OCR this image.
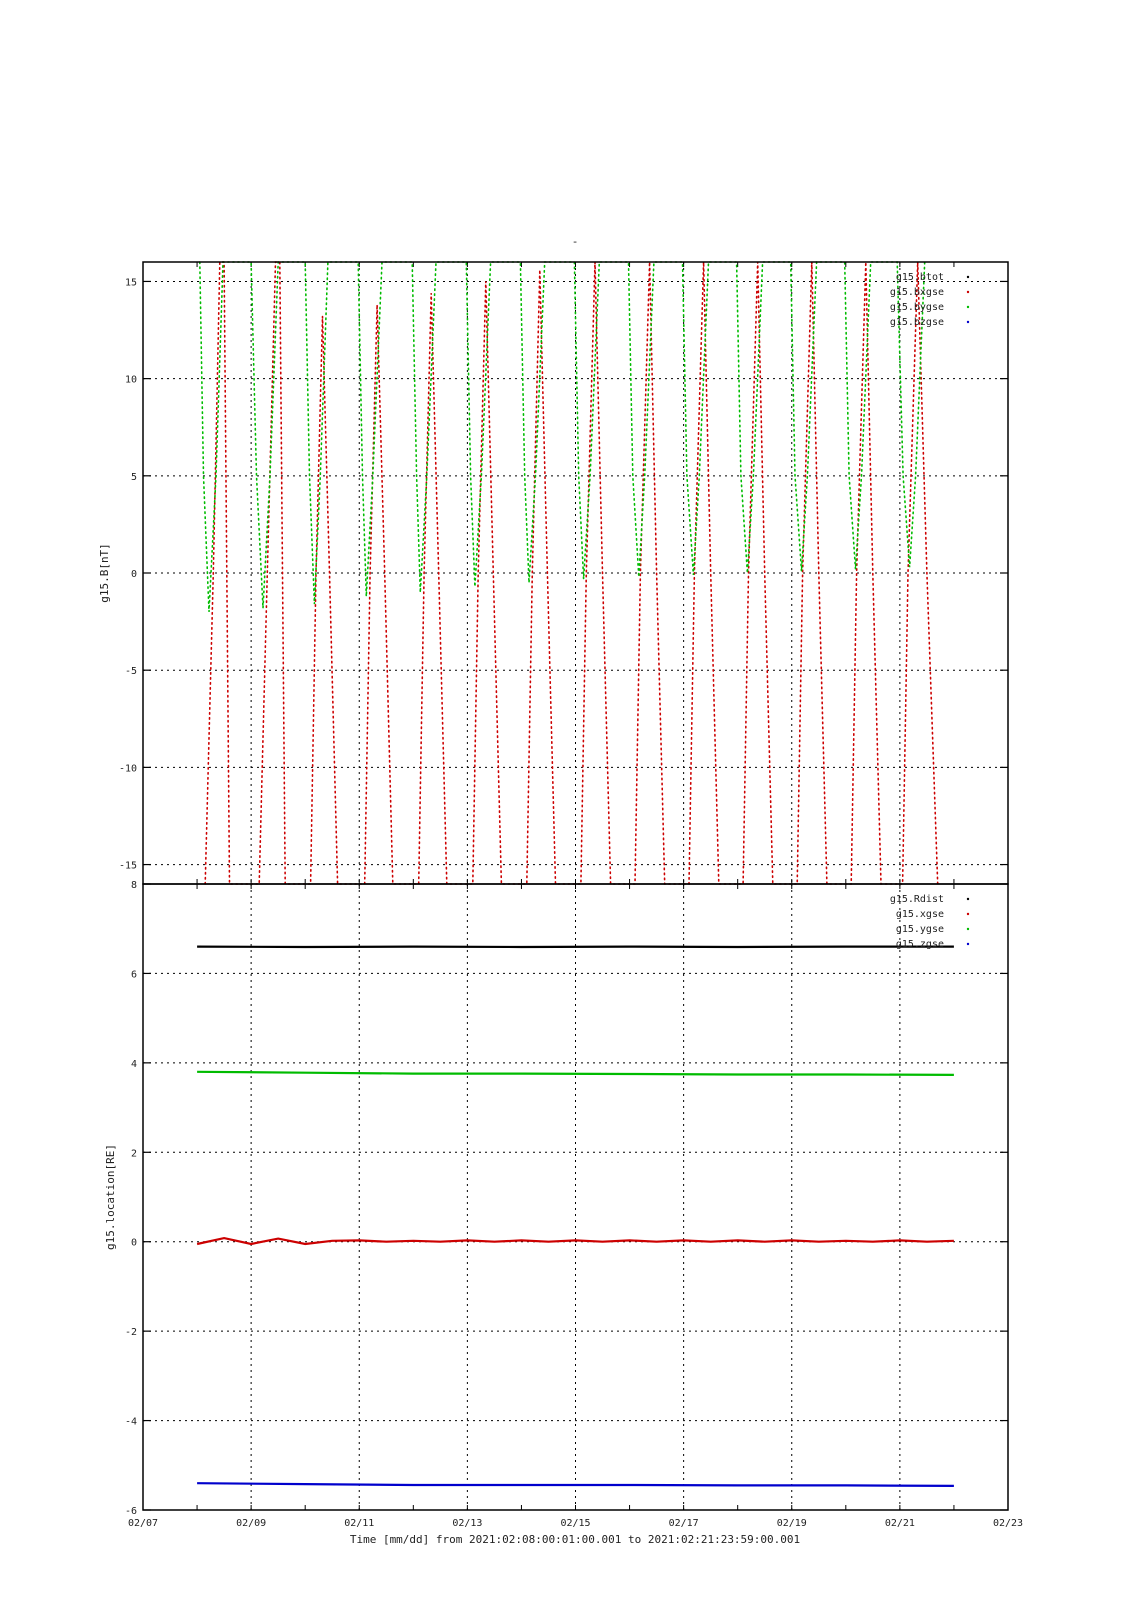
-
-15
-10
-5
0
5
10
15
g15.B[nT]
g15.btot
g15.bxgse
g15.bygse
g15.bzgse
-6
-4
-2
0
2
4
6
8
g15.location[RE]
g15.Rdist
g15.xgse
g15.ygse
g15.zgse
02/07	02/09	02/11	02/13	02/15	02/17	02/19	02/21	02/23
Time [mm/dd] from 2021:02:08:00:01:00.001 to 2021:02:21:23:59:00.001
